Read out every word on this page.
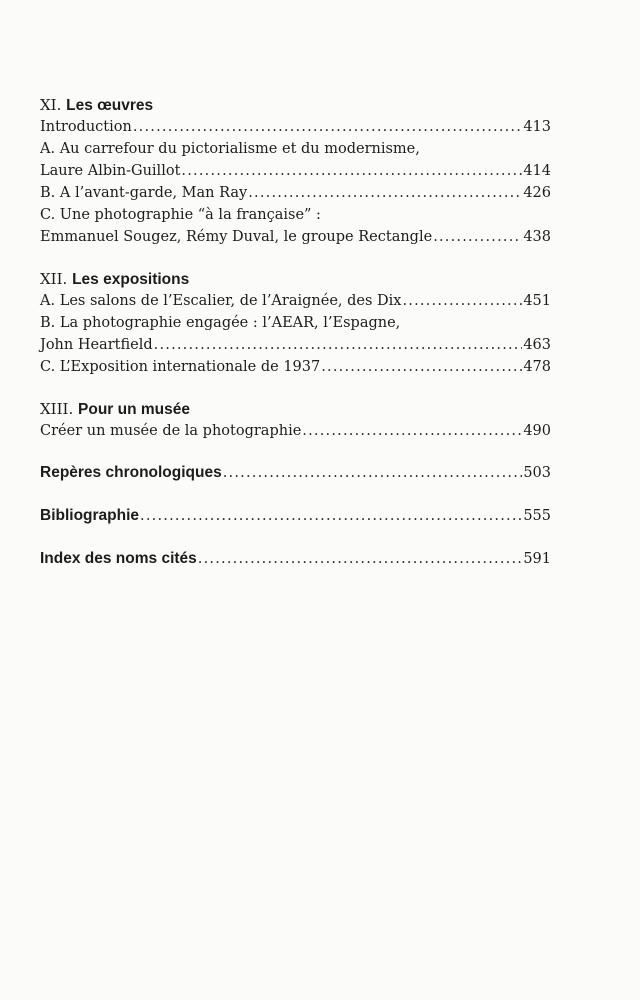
XI. Les œuvres
Introduction .....	413
A. Au carrefour du pictorialisme et du modernisme,
Laure Albin-Guillot .....	414
B. A l’avant-garde, Man Ray .....	426
C. Une photographie “à la française” :
Emmanuel Sougez, Rémy Duval, le groupe Rectangle .....	438
XII. Les expositions
A. Les salons de l’Escalier, de l’Araignée, des Dix .....	451
B. La photographie engagée : l’AEAR, l’Espagne,
John Heartfield .....	463
C. L’Exposition internationale de 1937 .....	478
XIII. Pour un musée
Créer un musée de la photographie .....	490
Repères chronologiques .....	503
Bibliographie .....	555
Index des noms cités .....	591
